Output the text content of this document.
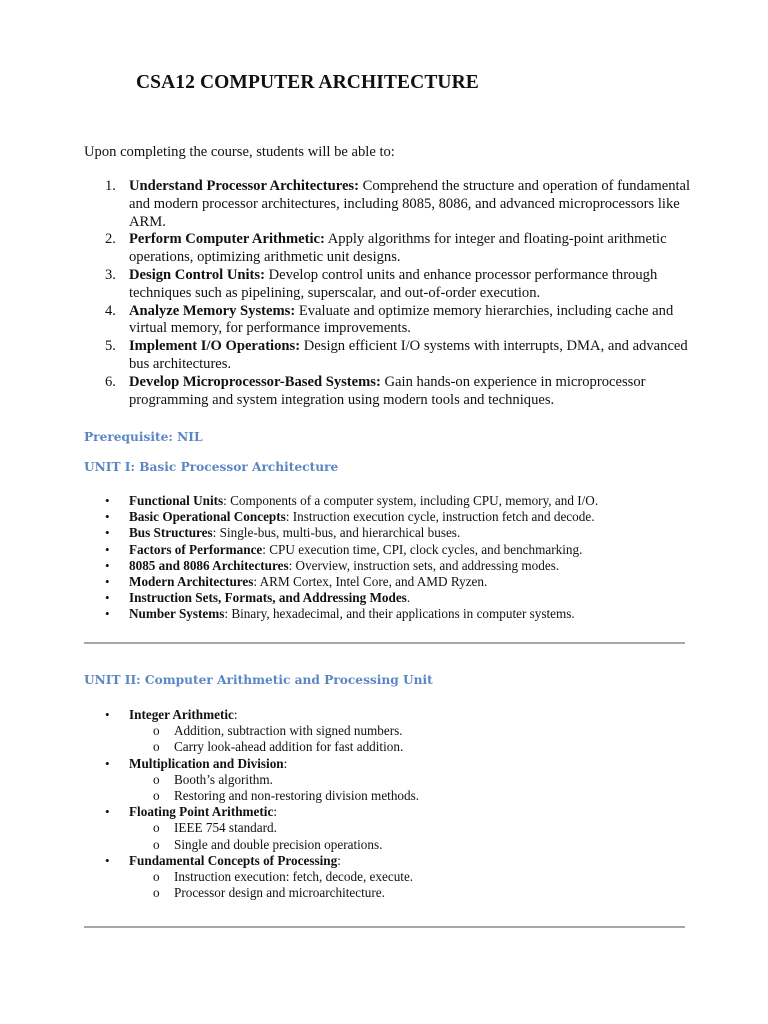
CSA12 COMPUTER ARCHITECTURE
Upon completing the course, students will be able to:
1. Understand Processor Architectures: Comprehend the structure and operation of fundamental and modern processor architectures, including 8085, 8086, and advanced microprocessors like ARM.
2. Perform Computer Arithmetic: Apply algorithms for integer and floating-point arithmetic operations, optimizing arithmetic unit designs.
3. Design Control Units: Develop control units and enhance processor performance through techniques such as pipelining, superscalar, and out-of-order execution.
4. Analyze Memory Systems: Evaluate and optimize memory hierarchies, including cache and virtual memory, for performance improvements.
5. Implement I/O Operations: Design efficient I/O systems with interrupts, DMA, and advanced bus architectures.
6. Develop Microprocessor-Based Systems: Gain hands-on experience in microprocessor programming and system integration using modern tools and techniques.
Prerequisite: NIL
UNIT I: Basic Processor Architecture
• Functional Units: Components of a computer system, including CPU, memory, and I/O.
• Basic Operational Concepts: Instruction execution cycle, instruction fetch and decode.
• Bus Structures: Single-bus, multi-bus, and hierarchical buses.
• Factors of Performance: CPU execution time, CPI, clock cycles, and benchmarking.
• 8085 and 8086 Architectures: Overview, instruction sets, and addressing modes.
• Modern Architectures: ARM Cortex, Intel Core, and AMD Ryzen.
• Instruction Sets, Formats, and Addressing Modes.
• Number Systems: Binary, hexadecimal, and their applications in computer systems.
UNIT II: Computer Arithmetic and Processing Unit
• Integer Arithmetic:
o Addition, subtraction with signed numbers.
o Carry look-ahead addition for fast addition.
• Multiplication and Division:
o Booth’s algorithm.
o Restoring and non-restoring division methods.
• Floating Point Arithmetic:
o IEEE 754 standard.
o Single and double precision operations.
• Fundamental Concepts of Processing:
o Instruction execution: fetch, decode, execute.
o Processor design and microarchitecture.
